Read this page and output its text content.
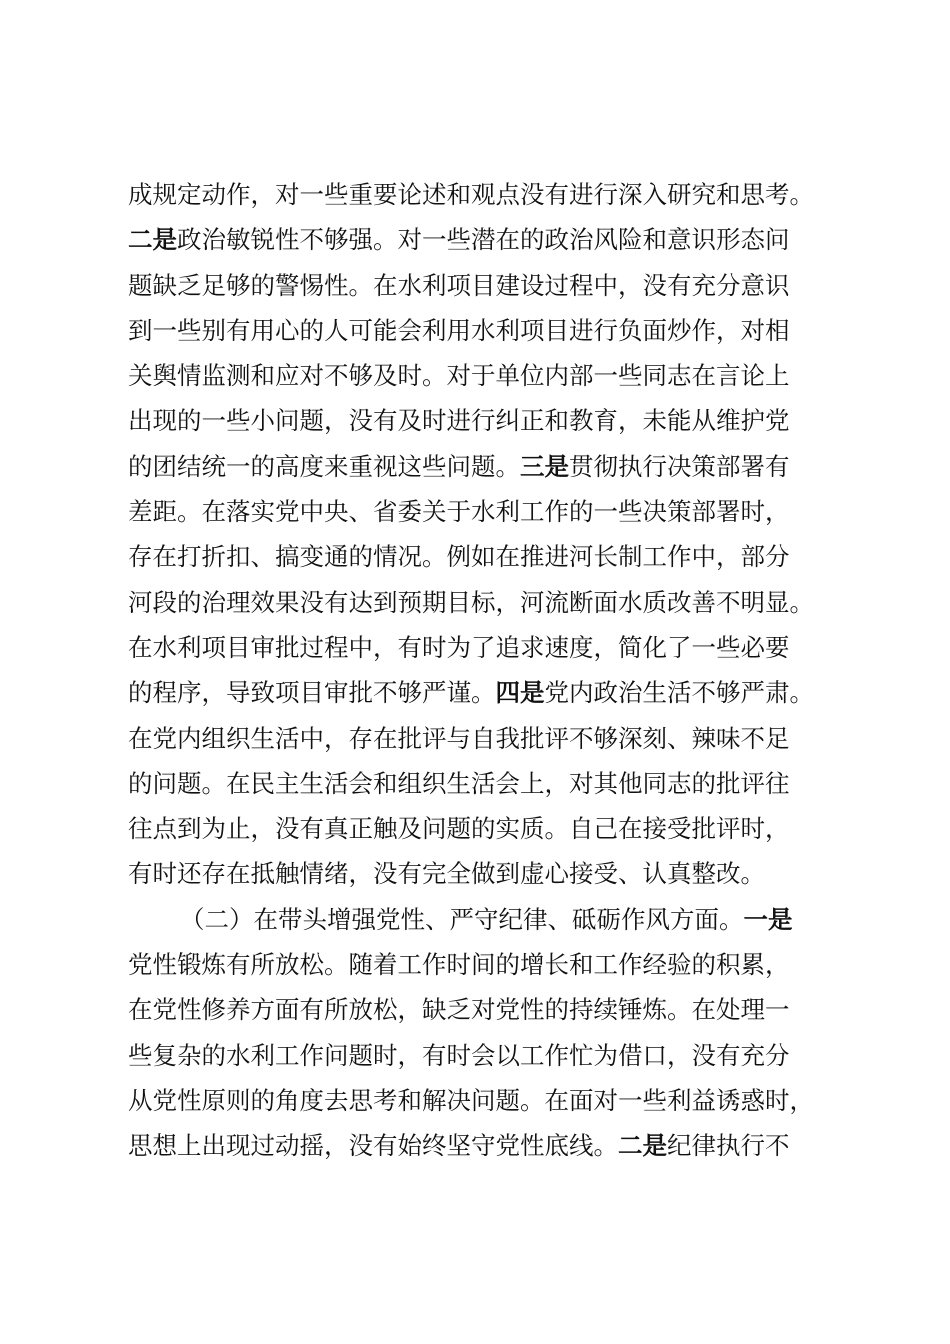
成规定动作，对一些重要论述和观点没有进行深入研究和思考。
二是政治敏锐性不够强。对一些潜在的政治风险和意识形态问
题缺乏足够的警惕性。在水利项目建设过程中，没有充分意识
到一些别有用心的人可能会利用水利项目进行负面炒作，对相
关舆情监测和应对不够及时。对于单位内部一些同志在言论上
出现的一些小问题，没有及时进行纠正和教育，未能从维护党
的团结统一的高度来重视这些问题。三是贯彻执行决策部署有
差距。在落实党中央、省委关于水利工作的一些决策部署时，
存在打折扣、搞变通的情况。例如在推进河长制工作中，部分
河段的治理效果没有达到预期目标，河流断面水质改善不明显。
在水利项目审批过程中，有时为了追求速度，简化了一些必要
的程序，导致项目审批不够严谨。四是党内政治生活不够严肃。
在党内组织生活中，存在批评与自我批评不够深刻、辣味不足
的问题。在民主生活会和组织生活会上，对其他同志的批评往
往点到为止，没有真正触及问题的实质。自己在接受批评时，
有时还存在抵触情绪，没有完全做到虚心接受、认真整改。
（二）在带头增强党性、严守纪律、砥砺作风方面。一是
党性锻炼有所放松。随着工作时间的增长和工作经验的积累，
在党性修养方面有所放松，缺乏对党性的持续锤炼。在处理一
些复杂的水利工作问题时，有时会以工作忙为借口，没有充分
从党性原则的角度去思考和解决问题。在面对一些利益诱惑时，
思想上出现过动摇，没有始终坚守党性底线。二是纪律执行不
